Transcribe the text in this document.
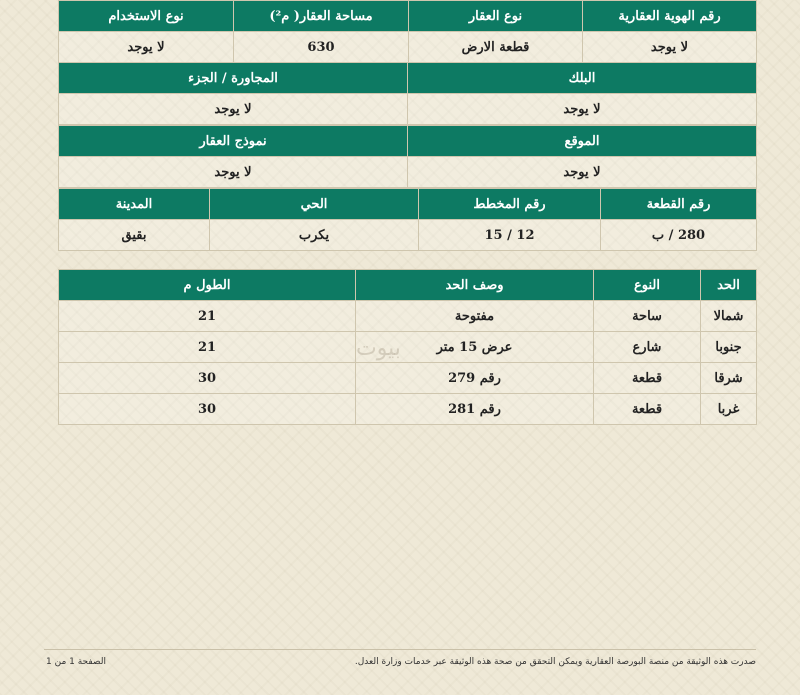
رقم الهوية العقارية	نوع العقار	مساحة العقار( م²)	نوع الاستخدام
لا يوجد	قطعة الارض	630	لا يوجد
البلك	المجاورة / الجزء
لا يوجد	لا يوجد
الموقع	نموذج العقار
لا يوجد	لا يوجد
رقم القطعة	رقم المخطط	الحي	المدينة
280 / ب	12 / 15	يكرب	بقيق
الحد	النوع	وصف الحد	الطول م
شمالا	ساحة	مفتوحة	21
جنوبا	شارع	عرض 15 متر	21
شرقا	قطعة	رقم 279	30
غربا	قطعة	رقم 281	30
بيوت
صدرت هذه الوثيقة من منصة البورصة العقارية ويمكن التحقق من صحة هذه الوثيقة عبر خدمات وزارة العدل.
الصفحة 1 من 1
